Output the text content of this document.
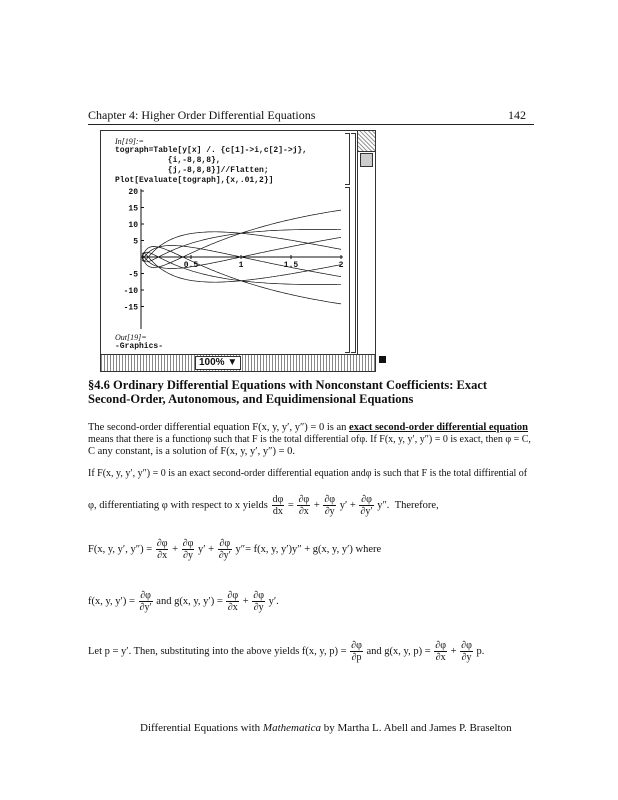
Chapter 4: Higher Order Differential Equations	142
In[19]:=
tograph=Table[y[x] /. {c[1]->i,c[2]->j},
{i,-8,8,8},
{j,-8,8,8}]//Flatten;
Plot[Evaluate[tograph],{x,.01,2}]
20
15
10
5
-5
-10
-15
0.5	1	1.5	2
Out[19]=
-Graphics-
100% ▼
§4.6 Ordinary Differential Equations with Nonconstant Coefficients: Exact Second-Order, Autonomous, and Equidimensional Equations
The second-order differential equation F(x, y, y′, y″) = 0 is an exact second-order differential equation
means that there is a functionφ such that F is the total differential ofφ. If F(x, y, y′, y″) = 0 is exact, then φ = C,
C any constant, is a solution of F(x, y, y′, y″) = 0.
If F(x, y, y′, y″) = 0 is an exact second-order differential equation andφ is such that F is the total diffirential of
φ, differentiating φ with respect to x yields $\frac{d\varphi}{dx} = \frac{\partial\varphi}{\partial x} + \frac{\partial\varphi}{\partial y} y' + \frac{\partial\varphi}{\partial y'} y''$. Therefore,
F(x, y, y′, $y'') = \frac{\partial\varphi}{\partial x} + \frac{\partial\varphi}{\partial y} y' + \frac{\partial\varphi}{\partial y'} y''= f(x$, y, y′)y″ + g(x, y, y′) where
f(x, y, $y') = \frac{\partial\varphi}{\partial y'}$ and g(x, y, $y') = \frac{\partial\varphi}{\partial x} + \frac{\partial\varphi}{\partial y} y'$.
Let p = y′. Then, substituting into the above yields f(x, y, $p) = \frac{\partial\varphi}{\partial p}$ and g(x, y, $p) = \frac{\partial\varphi}{\partial x} + \frac{\partial\varphi}{\partial y} p$.
Differential Equations with Mathematica by Martha L. Abell and James P. Braselton
